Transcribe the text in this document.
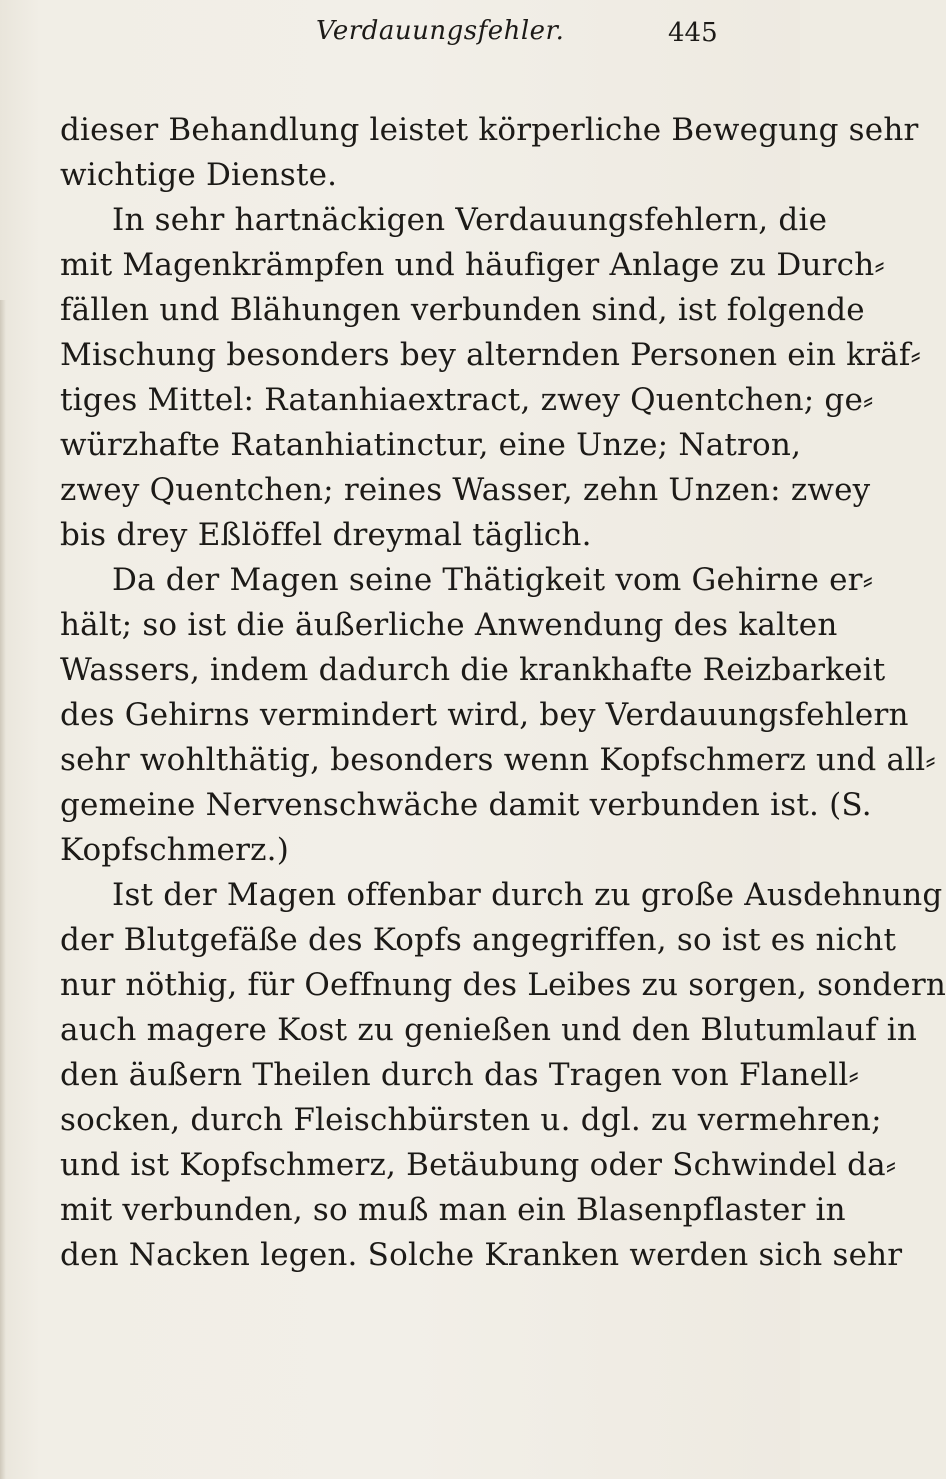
Verdauungsfehler.	445
dieser Behandlung leistet körperliche Bewegung sehr
wichtige Dienste.
In sehr hartnäckigen Verdauungsfehlern, die
mit Magenkrämpfen und häufiger Anlage zu Durch⸗
fällen und Blähungen verbunden sind, ist folgende
Mischung besonders bey alternden Personen ein kräf⸗
tiges Mittel: Ratanhiaextract, zwey Quentchen; ge⸗
würzhafte Ratanhiatinctur, eine Unze; Natron,
zwey Quentchen; reines Wasser, zehn Unzen: zwey
bis drey Eßlöffel dreymal täglich.
Da der Magen seine Thätigkeit vom Gehirne er⸗
hält; so ist die äußerliche Anwendung des kalten
Wassers, indem dadurch die krankhafte Reizbarkeit
des Gehirns vermindert wird, bey Verdauungsfehlern
sehr wohlthätig, besonders wenn Kopfschmerz und all⸗
gemeine Nervenschwäche damit verbunden ist. (S.
Kopfschmerz.)
Ist der Magen offenbar durch zu große Ausdehnung
der Blutgefäße des Kopfs angegriffen, so ist es nicht
nur nöthig, für Oeffnung des Leibes zu sorgen, sondern
auch magere Kost zu genießen und den Blutumlauf in
den äußern Theilen durch das Tragen von Flanell⸗
socken, durch Fleischbürsten u. dgl. zu vermehren;
und ist Kopfschmerz, Betäubung oder Schwindel da⸗
mit verbunden, so muß man ein Blasenpflaster in
den Nacken legen. Solche Kranken werden sich sehr
